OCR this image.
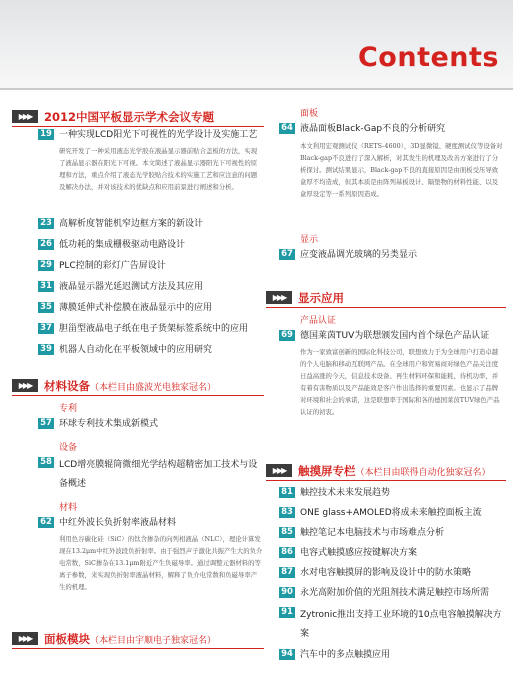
Contents
▶▶▶ 2012中国平板显示学术会议专题
19 一种实现LCD阳光下可视性的光学设计及实施工艺
研究开发了一种采用液态光学胶在液晶显示器前贴合盖板的方法，实现了液晶显示器在阳光下可视。本文简述了液晶显示器阳光下可视性的原理和方法，重点介绍了液态光学胶贴合技术的实施工艺和应注意的问题及解决办法，并对该技术的优缺点和应用前景进行阐述和分析。
23 高解析度智能机窄边框方案的新设计
26 低功耗的集成栅极驱动电路设计
29 PLC控制的彩灯广告屏设计
31 液晶显示器光延迟测试方法及其应用
35 薄膜延伸式补偿膜在液晶显示中的应用
37 胆甾型液晶电子纸在电子货架标签系统中的应用
39 机器人自动化在平板领域中的应用研究
▶▶▶ 材料设备（本栏目由盛波光电独家冠名）
专利
57 环球专利技术集成新模式
设备
58 LCD增亮膜辊筒微细光学结构超精密加工技术与设备概述
材料
62 中红外波长负折射率液晶材料
利用色谷碳化硅（SiC）的钛含掺杂的向列相液晶（NLC），理论计算发现在13.2μm中红外波段负折射率。由于强烈声子激化共振产生大的负介电常数，SiC掺杂在13.1μm附近产生负磁导率。通过调整元器材料的等离子参数，来实现负折射率液晶材料，解释了负介电常数和负磁导率产生的机理。
▶▶▶ 面板模块（本栏目由宇顺电子独家冠名）
面板
64 液晶面板Black-Gap不良的分析研究
本文利用宏观测试仪（RETS-4600），3D显微镜、硬度测试仪等设备对Black-gap不良进行了深入解析，对其发生的机理及改善方案进行了分析探讨。测试结果显示，Black-gap不良的直接原因是由面板受压导致盒厚不均造成，但其本质是由阵列基板设计、隔垫物的材料性能、以及盒厚设定等一系列原因造成。
显示
67 应变液晶调光玻璃的另类显示
▶▶▶ 显示应用
产品认证
69 德国莱茵TUV为联想颁发国内首个绿色产品认证
作为一家致富创新的国际化科技公司，联想致力于为全球用户打造卓越的个人电脑和移动互联网产品。在全球用户和贸易商对绿色产品关注度日益高涨的今天，信息技术设备、再生材料环保和能耗、待机功率、并有着有害物质以及产品能效是客户作出选择的重要因素。也显示了品牌对环境和社会的承诺，这是联想率于国际和各的德国莱茵TUV绿色产品认证的初衷。
▶▶▶ 触摸屏专栏（本栏目由联得自动化独家冠名）
81 触控技术未来发展趋势
83 ONE glass+AMOLED将成未来触控面板主流
85 触控笔记本电脑技术与市场难点分析
86 电容式触摸感应按键解决方案
87 水对电容触摸屏的影响及设计中的防水策略
90 永光高附加价值的光阻剂技术满足触控市场所需
91 Zytronic推出支持工业环境的10点电容触摸解决方案
94 汽车中的多点触摸应用
